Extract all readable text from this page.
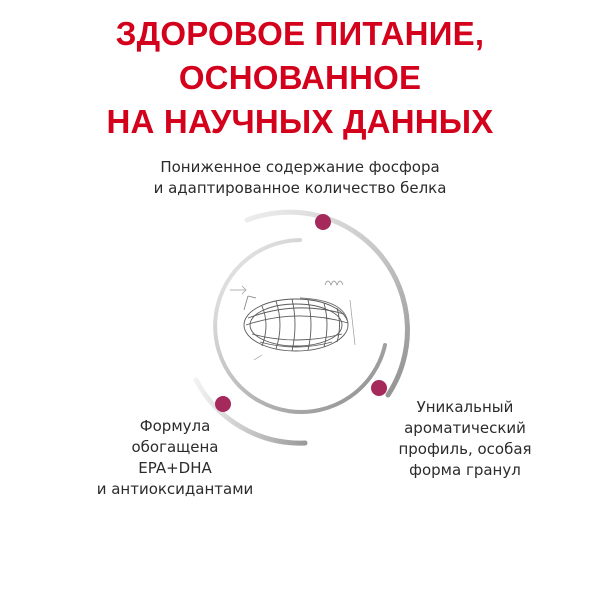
ЗДОРОВОЕ ПИТАНИЕ, ОСНОВАННОЕ
НА НАУЧНЫХ ДАННЫХ
Пониженное содержание фосфора
и адаптированное количество белка
Формула
обогащена
EPA+DHA
и антиоксидантами
Уникальный
ароматический
профиль, особая
форма гранул
